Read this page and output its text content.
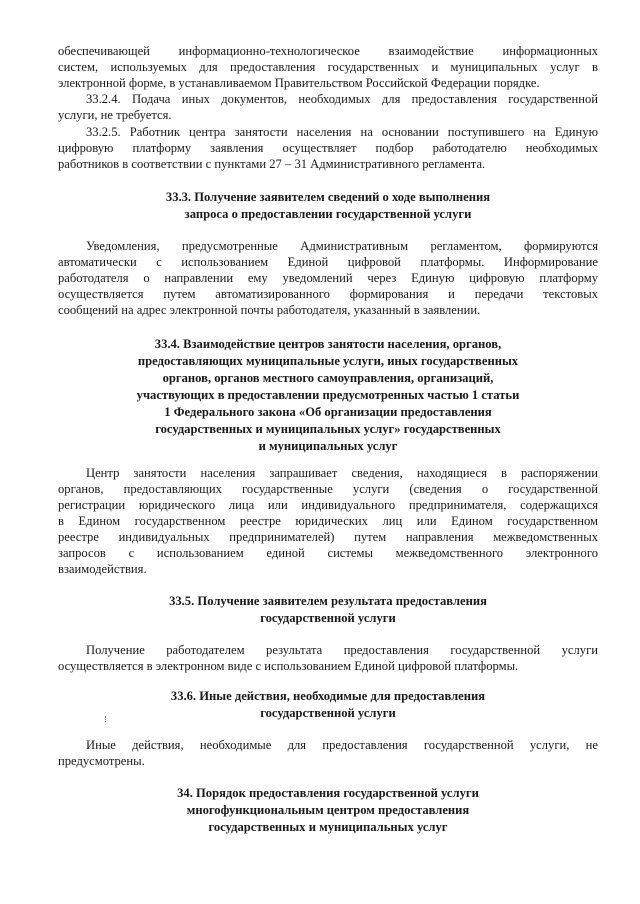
обеспечивающей информационно-технологическое взаимодействие информационных
систем, используемых для предоставления государственных и муниципальных услуг в
электронной форме, в устанавливаемом Правительством Российской Федерации порядке.
33.2.4. Подача иных документов, необходимых для предоставления государственной
услуги, не требуется.
33.2.5. Работник центра занятости населения на основании поступившего на Единую
цифровую платформу заявления осуществляет подбор работодателю необходимых
работников в соответствии с пунктами 27 – 31 Административного регламента.
33.3. Получение заявителем сведений о ходе выполнения
запроса о предоставлении государственной услуги
Уведомления, предусмотренные Административным регламентом, формируются
автоматически с использованием Единой цифровой платформы. Информирование
работодателя о направлении ему уведомлений через Единую цифровую платформу
осуществляется путем автоматизированного формирования и передачи текстовых
сообщений на адрес электронной почты работодателя, указанный в заявлении.
33.4. Взаимодействие центров занятости населения, органов,
предоставляющих муниципальные услуги, иных государственных
органов, органов местного самоуправления, организаций,
участвующих в предоставлении предусмотренных частью 1 статьи
1 Федерального закона «Об организации предоставления
государственных и муниципальных услуг» государственных
и муниципальных услуг
Центр занятости населения запрашивает сведения, находящиеся в распоряжении
органов, предоставляющих государственные услуги (сведения о государственной
регистрации юридического лица или индивидуального предпринимателя, содержащихся
в Едином государственном реестре юридических лиц или Едином государственном
реестре индивидуальных предпринимателей) путем направления межведомственных
запросов с использованием единой системы межведомственного электронного
взаимодействия.
33.5. Получение заявителем результата предоставления
государственной услуги
Получение работодателем результата предоставления государственной услуги
осуществляется в электронном виде с использованием Единой цифровой платформы.
33.6. Иные действия, необходимые для предоставления
государственной услуги
Иные действия, необходимые для предоставления государственной услуги, не
предусмотрены.
34. Порядок предоставления государственной услуги
многофункциональным центром предоставления
государственных и муниципальных услуг
